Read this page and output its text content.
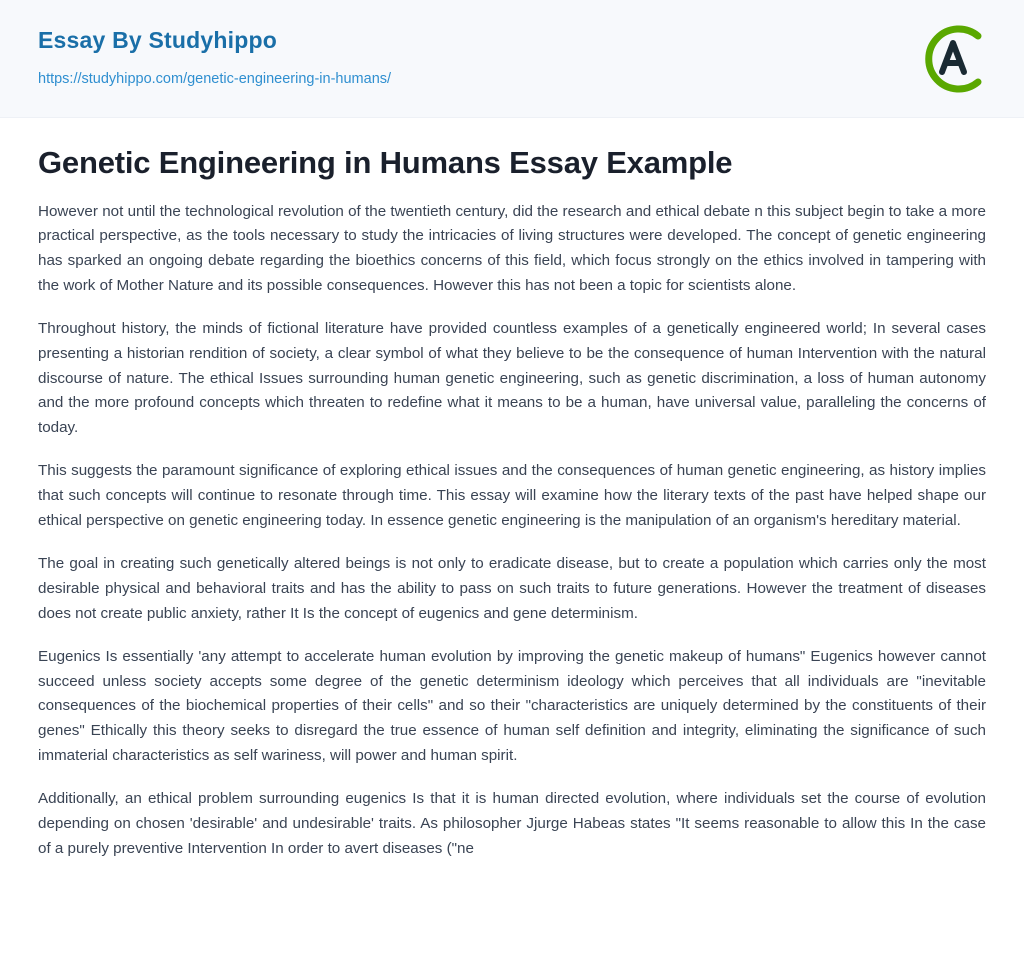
Essay By Studyhippo
https://studyhippo.com/genetic-engineering-in-humans/
Genetic Engineering in Humans Essay Example

However not until the technological revolution of the twentieth century, did the research and ethical debate n this subject begin to take a more practical perspective, as the tools necessary to study the intricacies of living structures were developed. The concept of genetic engineering has sparked an ongoing debate regarding the bioethics concerns of this field, which focus strongly on the ethics involved in tampering with the work of Mother Nature and its possible consequences. However this has not been a topic for scientists alone.

Throughout history, the minds of fictional literature have provided countless examples of a genetically engineered world; In several cases presenting a historian rendition of society, a clear symbol of what they believe to be the consequence of human Intervention with the natural discourse of nature. The ethical Issues surrounding human genetic engineering, such as genetic discrimination, a loss of human autonomy and the more profound concepts which threaten to redefine what it means to be a human, have universal value, paralleling the concerns of today.

This suggests the paramount significance of exploring ethical issues and the consequences of human genetic engineering, as history implies that such concepts will continue to resonate through time. This essay will examine how the literary texts of the past have helped shape our ethical perspective on genetic engineering today. In essence genetic engineering is the manipulation of an organism's hereditary material.

The goal in creating such genetically altered beings is not only to eradicate disease, but to create a population which carries only the most desirable physical and behavioral traits and has the ability to pass on such traits to future generations. However the treatment of diseases does not create public anxiety, rather It Is the concept of eugenics and gene determinism.

Eugenics Is essentially 'any attempt to accelerate human evolution by improving the genetic makeup of humans" Eugenics however cannot succeed unless society accepts some degree of the genetic determinism ideology which perceives that all individuals are "inevitable consequences of the biochemical properties of their cells" and so their "characteristics are uniquely determined by the constituents of their genes" Ethically this theory seeks to disregard the true essence of human self definition and integrity, eliminating the significance of such immaterial characteristics as self wariness, will power and human spirit.

Additionally, an ethical problem surrounding eugenics Is that it is human directed evolution, where individuals set the course of evolution depending on chosen 'desirable' and undesirable' traits. As philosopher Jjurge Habeas states "It seems reasonable to allow this In the case of a purely preventive Intervention In order to avert diseases ("ne
